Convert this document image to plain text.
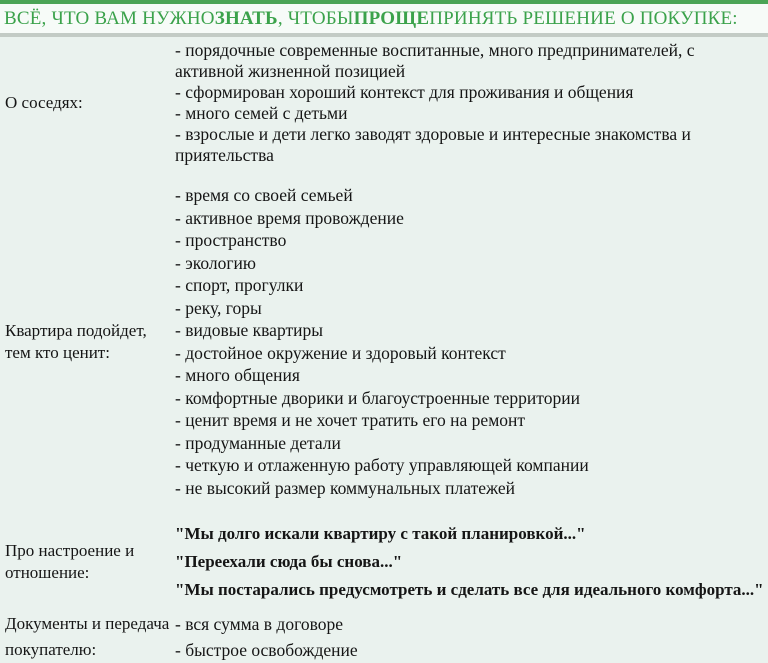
ВСЁ, ЧТО ВАМ НУЖНО ЗНАТЬ , ЧТОБЫ ПРОЩЕ ПРИНЯТЬ РЕШЕНИЕ О ПОКУПКЕ:
О соседях:
- порядочные современные воспитанные, много предпринимателей, с активной жизненной позицией
- сформирован хороший контекст для проживания и общения
- много семей с детьми
- взрослые и дети легко заводят здоровые и интересные знакомства и приятельства
Квартира подойдет, тем кто ценит:
- время со своей семьей
- активное время провождение
- пространство
- экологию
- спорт, прогулки
- реку, горы
- видовые квартиры
- достойное окружение и здоровый контекст
- много общения
- комфортные дворики и благоустроенные территории
- ценит время и не хочет тратить его на ремонт
- продуманные детали
- четкую и отлаженную работу управляющей компании
- не высокий размер коммунальных платежей
Про настроение и отношение:
"Мы долго искали квартиру с такой планировкой..."
"Переехали сюда бы снова..."
"Мы постарались предусмотреть и сделать все для идеального комфорта..."
Документы и передача покупателю:
- вся сумма в договоре
- быстрое освобождение
